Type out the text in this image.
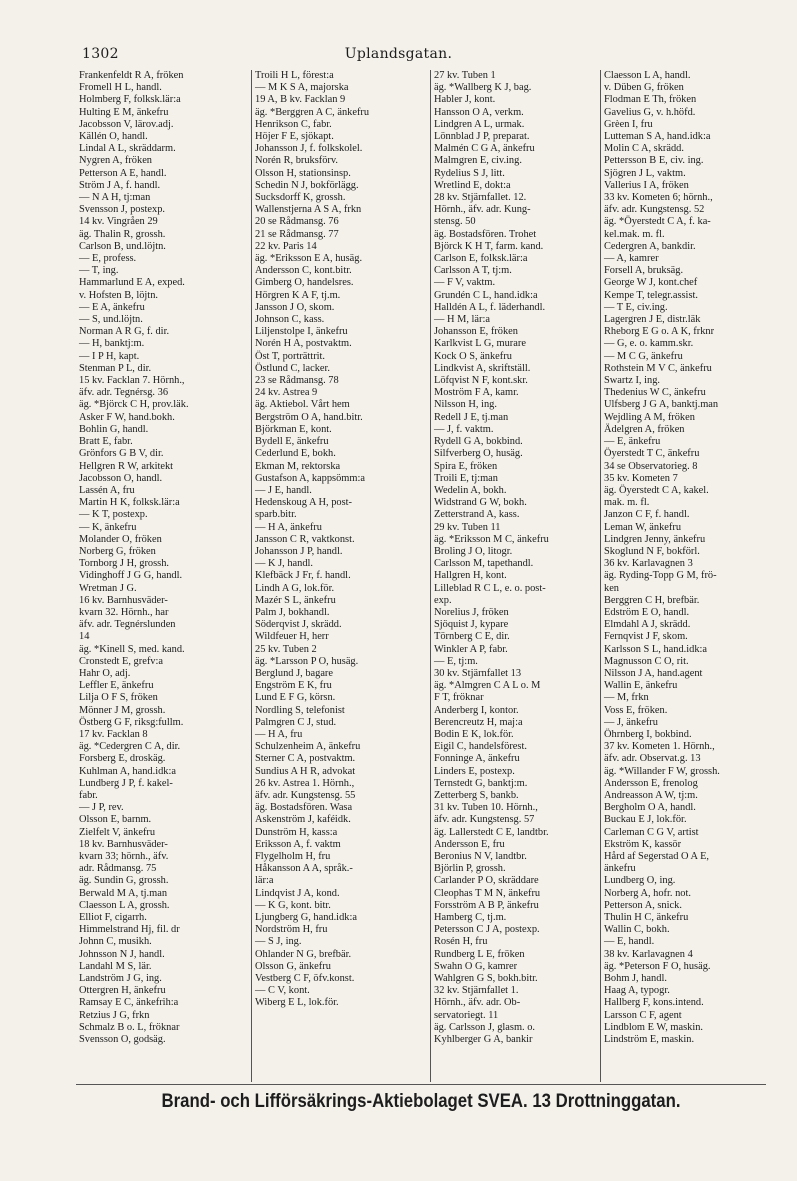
1302	Uplandsgatan.
Frankenfeldt R A, fröken
Fromell H L, handl.
Holmberg F, folksk.lär:a
Hulting E M, änkefru
Jacobsson V, lärov.adj.
Källén O, handl.
Lindal A L, skräddarm.
Nygren A, fröken
Petterson A E, handl.
Ström J A, f. handl.
— N A H, tj:man
Svensson J, postexp.
14 kv. Vingråen 29
äg. Thalin R, grossh.
Carlson B, und.löjtn.
— E, profess.
— T, ing.
Hammarlund E A, exped.
v. Hofsten B, löjtn.
— E A, änkefru
— S, und.löjtn.
Norman A R G, f. dir.
— H, banktj:m.
— I P H, kapt.
Stenman P L, dir.
15 kv. Facklan 7. Hörnh.,
äfv. adr. Tegnérsg. 36
äg. *Björck C H, prov.läk.
Asker F W, hand.bokh.
Bohlin G, handl.
Bratt E, fabr.
Grönfors G B V, dir.
Hellgren R W, arkitekt
Jacobsson O, handl.
Lassén A, fru
Martin H K, folksk.lär:a
— K T, postexp.
— K, änkefru
Molander O, fröken
Norberg G, fröken
Tornborg J H, grossh.
Vidinghoff J G G, handl.
Wretman J G.
16 kv. Barnhusväder-
kvarn 32. Hörnh., har
äfv. adr. Tegnérslunden
14
äg. *Kinell S, med. kand.
Cronstedt E, grefv:a
Hahr O, adj.
Leffler E, änkefru
Lilja O F S, fröken
Mönner J M, grossh.
Östberg G F, riksg:fullm.
17 kv. Facklan 8
äg. *Cedergren C A, dir.
Forsberg E, droskäg.
Kuhlman A, hand.idk:a
Lundberg J P, f. kakel-
fabr.
— J P, rev.
Olsson E, barnm.
Zielfelt V, änkefru
18 kv. Barnhusväder-
kvarn 33; hörnh., äfv.
adr. Rådmansg. 75
äg. Sundin G, grossh.
Berwald M A, tj.man
Claesson L A, grossh.
Elliot F, cigarrh.
Himmelstrand Hj, fil. dr
Johnn C, musikh.
Johnsson N J, handl.
Landahl M S, lär.
Landström J G, ing.
Ottergren H, änkefru
Ramsay E C, änkefrih:a
Retzius J G, frkn
Schmalz B o. L, fröknar
Svensson O, godsäg.
Troili H L, förest:a
— M K S A, majorska
19 A, B kv. Facklan 9
äg. *Berggren A C, änkefru
Henrikson C, fabr.
Höjer F E, sjökapt.
Johansson J, f. folkskolel.
Norén R, bruksförv.
Olsson H, stationsinsp.
Schedin N J, bokförlägg.
Sucksdorff K, grossh.
Wallenstjerna A S A, frkn
20 se Rådmansg. 76
21 se Rådmansg. 77
22 kv. Paris 14
äg. *Eriksson E A, husäg.
Andersson C, kont.bitr.
Gimberg O, handelsres.
Hörgren K A F, tj.m.
Jansson J O, skom.
Johnson C, kass.
Liljenstolpe I, änkefru
Norén H A, postvaktm.
Öst T, porträttrit.
Östlund C, lacker.
23 se Rådmansg. 78
24 kv. Astrea 9
äg. Aktiebol. Vårt hem
Bergström O A, hand.bitr.
Björkman E, kont.
Bydell E, änkefru
Cederlund E, bokh.
Ekman M, rektorska
Gustafson A, kappsömm:a
— J E, handl.
Hedenskoug A H, post-
sparb.bitr.
— H A, änkefru
Jansson C R, vaktkonst.
Johansson J P, handl.
— K J, handl.
Klefbäck J Fr, f. handl.
Lindh A G, lok.för.
Mazér S L, änkefru
Palm J, bokhandl.
Söderqvist J, skrädd.
Wildfeuer H, herr
25 kv. Tuben 2
äg. *Larsson P O, husäg.
Berglund J, bagare
Engström E K, fru
Lund E F G, körsn.
Nordling S, telefonist
Palmgren C J, stud.
— H A, fru
Schulzenheim A, änkefru
Sterner C A, postvaktm.
Sundius A H R, advokat
26 kv. Astrea 1. Hörnh.,
äfv. adr. Kungstensg. 55
äg. Bostadsfören. Wasa
Askenström J, kaféidk.
Dunström H, kass:a
Eriksson A, f. vaktm
Flygelholm H, fru
Håkansson A A, språk.-
lär:a
Lindqvist J A, kond.
— K G, kont. bitr.
Ljungberg G, hand.idk:a
Nordström H, fru
— S J, ing.
Ohlander N G, brefbär.
Olsson G, änkefru
Vestberg C F, öfv.konst.
— C V, kont.
Wiberg E L, lok.för.
27 kv. Tuben 1
äg. *Wallberg K J, bag.
Habler J, kont.
Hansson O A, verkm.
Lindgren A L, urmak.
Lönnblad J P, preparat.
Malmén C G A, änkefru
Malmgren E, civ.ing.
Rydelius S J, litt.
Wretlind E, dokt:a
28 kv. Stjärnfallet. 12.
Hörnh., äfv. adr. Kung-
stensg. 50
äg. Bostadsfören. Trohet
Björck K H T, farm. kand.
Carlson E, folksk.lär:a
Carlsson A T, tj:m.
— F V, vaktm.
Grundén C L, hand.idk:a
Halldén A L, f. läderhandl.
— H M, lär:a
Johansson E, fröken
Karlkvist L G, murare
Kock O S, änkefru
Lindkvist A, skriftställ.
Löfqvist N F, kont.skr.
Moström F A, kamr.
Nilsson H, ing.
Redell J E, tj.man
— J, f. vaktm.
Rydell G A, bokbind.
Silfverberg O, husäg.
Spira E, fröken
Troili E, tj:man
Wedelin A, bokh.
Widstrand G W, bokh.
Zetterstrand A, kass.
29 kv. Tuben 11
äg. *Eriksson M C, änkefru
Broling J O, litogr.
Carlsson M, tapethandl.
Hallgren H, kont.
Lilleblad R C L, e. o. post-
exp.
Norelius J, fröken
Sjöquist J, kypare
Törnberg C E, dir.
Winkler A P, fabr.
— E, tj:m.
30 kv. Stjärnfallet 13
äg. *Almgren C A L o. M
F T, fröknar
Anderberg I, kontor.
Berencreutz H, maj:a
Bodin E K, lok.för.
Eigil C, handelsförest.
Fonninge A, änkefru
Linders E, postexp.
Ternstedt G, banktj:m.
Zetterberg S, bankb.
31 kv. Tuben 10. Hörnh.,
äfv. adr. Kungstensg. 57
äg. Lallerstedt C E, landtbr.
Andersson E, fru
Beronius N V, landtbr.
Björlin P, grossh.
Carlander P O, skräddare
Cleophas T M N, änkefru
Forsström A B P, änkefru
Hamberg C, tj.m.
Petersson C J A, postexp.
Rosén H, fru
Rundberg L E, fröken
Swahn O G, kamrer
Wahlgren G S, bokh.bitr.
32 kv. Stjärnfallet 1.
Hörnh., äfv. adr. Ob-
servatoriegt. 11
äg. Carlsson J, glasm. o.
Kyhlberger G A, bankir
Claesson L A, handl.
v. Düben G, fröken
Flodman E Th, fröken
Gavelius G, v. h.höfd.
Grèen I, fru
Lutteman S A, hand.idk:a
Molin C A, skrädd.
Pettersson B E, civ. ing.
Sjögren J L, vaktm.
Vallerius I A, fröken
33 kv. Kometen 6; hörnh.,
äfv. adr. Kungstensg. 52
äg. *Öyerstedt C A, f. ka-
kel.mak. m. fl.
Cedergren A, bankdir.
— A, kamrer
Forsell A, bruksäg.
George W J, kont.chef
Kempe T, telegr.assist.
— T E, civ.ing.
Lagergren J E, distr.läk
Rheborg E G o. A K, frknr
— G, e. o. kamm.skr.
— M C G, änkefru
Rothstein M V C, änkefru
Swartz I, ing.
Thedenius W C, änkefru
Ulfsberg J G A, banktj.man
Wejdling A M, fröken
Ädelgren A, fröken
— E, änkefru
Öyerstedt T C, änkefru
34 se Observatorieg. 8
35 kv. Kometen 7
äg. Öyerstedt C A, kakel.
mak. m. fl.
Janzon C F, f. handl.
Leman W, änkefru
Lindgren Jenny, änkefru
Skoglund N F, bokförl.
36 kv. Karlavagnen 3
äg. Ryding-Topp G M, frö-
ken
Berggren C H, brefbär.
Edström E O, handl.
Elmdahl A J, skrädd.
Fernqvist J F, skom.
Karlsson S L, hand.idk:a
Magnusson C O, rit.
Nilsson J A, hand.agent
Wallin E, änkefru
— M, frkn
Voss E, fröken.
— J, änkefru
Öhrnberg I, bokbind.
37 kv. Kometen 1. Hörnh.,
äfv. adr. Observat.g. 13
äg. *Willander F W, grossh.
Andersson E, frenolog
Andreasson A W, tj:m.
Bergholm O A, handl.
Buckau E J, lok.för.
Carleman C G V, artist
Ekström K, kassör
Hård af Segerstad O A E,
änkefru
Lundberg O, ing.
Norberg A, hofr. not.
Petterson A, snick.
Thulin H C, änkefru
Wallin C, bokh.
— E, handl.
38 kv. Karlavagnen 4
äg. *Peterson F O, husäg.
Bohm J, handl.
Haag A, typogr.
Hallberg F, kons.intend.
Larsson C F, agent
Lindblom E W, maskin.
Lindström E, maskin.
Brand- och Lifförsäkrings-Aktiebolaget SVEA. 13 Drottninggatan.
